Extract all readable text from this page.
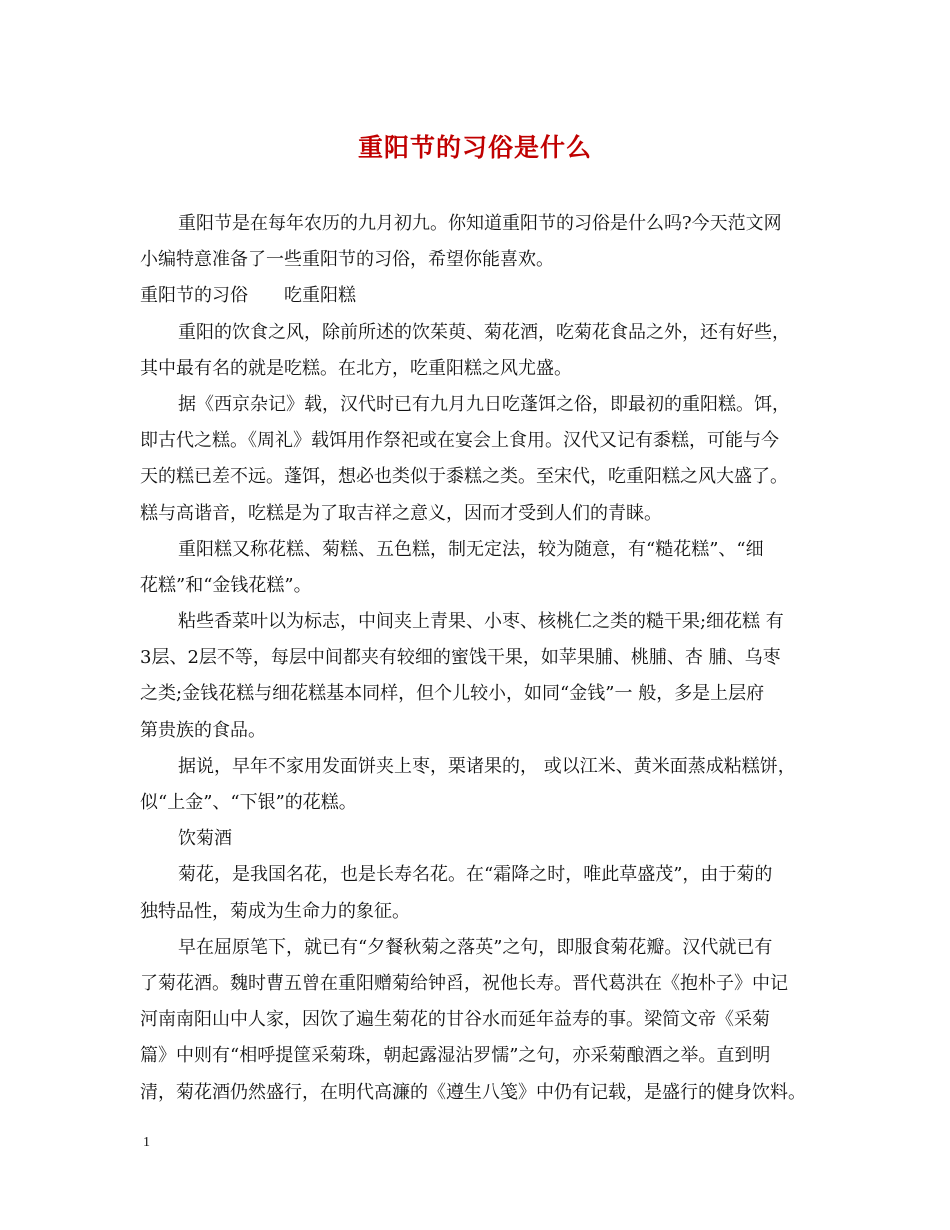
重阳节的习俗是什么
重阳节是在每年农历的九月初九。你知道重阳节的习俗是什么吗?今天范文网
小编特意准备了一些重阳节的习俗，希望你能喜欢。
重阳节的习俗　　吃重阳糕
重阳的饮食之风，除前所述的饮茱萸、菊花酒，吃菊花食品之外，还有好些，
其中最有名的就是吃糕。在北方，吃重阳糕之风尤盛。
据《西京杂记》载，汉代时已有九月九日吃蓬饵之俗，即最初的重阳糕。饵，
即古代之糕。《周礼》载饵用作祭祀或在宴会上食用。汉代又记有黍糕，可能与今
天的糕已差不远。蓬饵，想必也类似于黍糕之类。至宋代，吃重阳糕之风大盛了。
糕与高谐音，吃糕是为了取吉祥之意义，因而才受到人们的青睐。
重阳糕又称花糕、菊糕、五色糕，制无定法，较为随意，有“糙花糕”、“细
花糕”和“金钱花糕”。
粘些香菜叶以为标志，中间夹上青果、小枣、核桃仁之类的糙干果;细花糕 有
3层、2层不等，每层中间都夹有较细的蜜饯干果，如苹果脯、桃脯、杏 脯、乌枣
之类;金钱花糕与细花糕基本同样，但个儿较小，如同“金钱”一 般，多是上层府
第贵族的食品。
据说，早年不家用发面饼夹上枣，栗诸果的， 或以江米、黄米面蒸成粘糕饼，
似“上金”、“下银”的花糕。
饮菊酒
菊花，是我国名花，也是长寿名花。在“霜降之时，唯此草盛茂”，由于菊的
独特品性，菊成为生命力的象征。
早在屈原笔下，就已有“夕餐秋菊之落英”之句，即服食菊花瓣。汉代就已有
了菊花酒。魏时曹五曾在重阳赠菊给钟舀，祝他长寿。晋代葛洪在《抱朴子》中记
河南南阳山中人家，因饮了遍生菊花的甘谷水而延年益寿的事。梁简文帝《采菊
篇》中则有“相呼提筐采菊珠，朝起露湿沾罗懦”之句，亦采菊酿酒之举。直到明
清，菊花酒仍然盛行，在明代高濂的《遵生八笺》中仍有记载，是盛行的健身饮料。
1
